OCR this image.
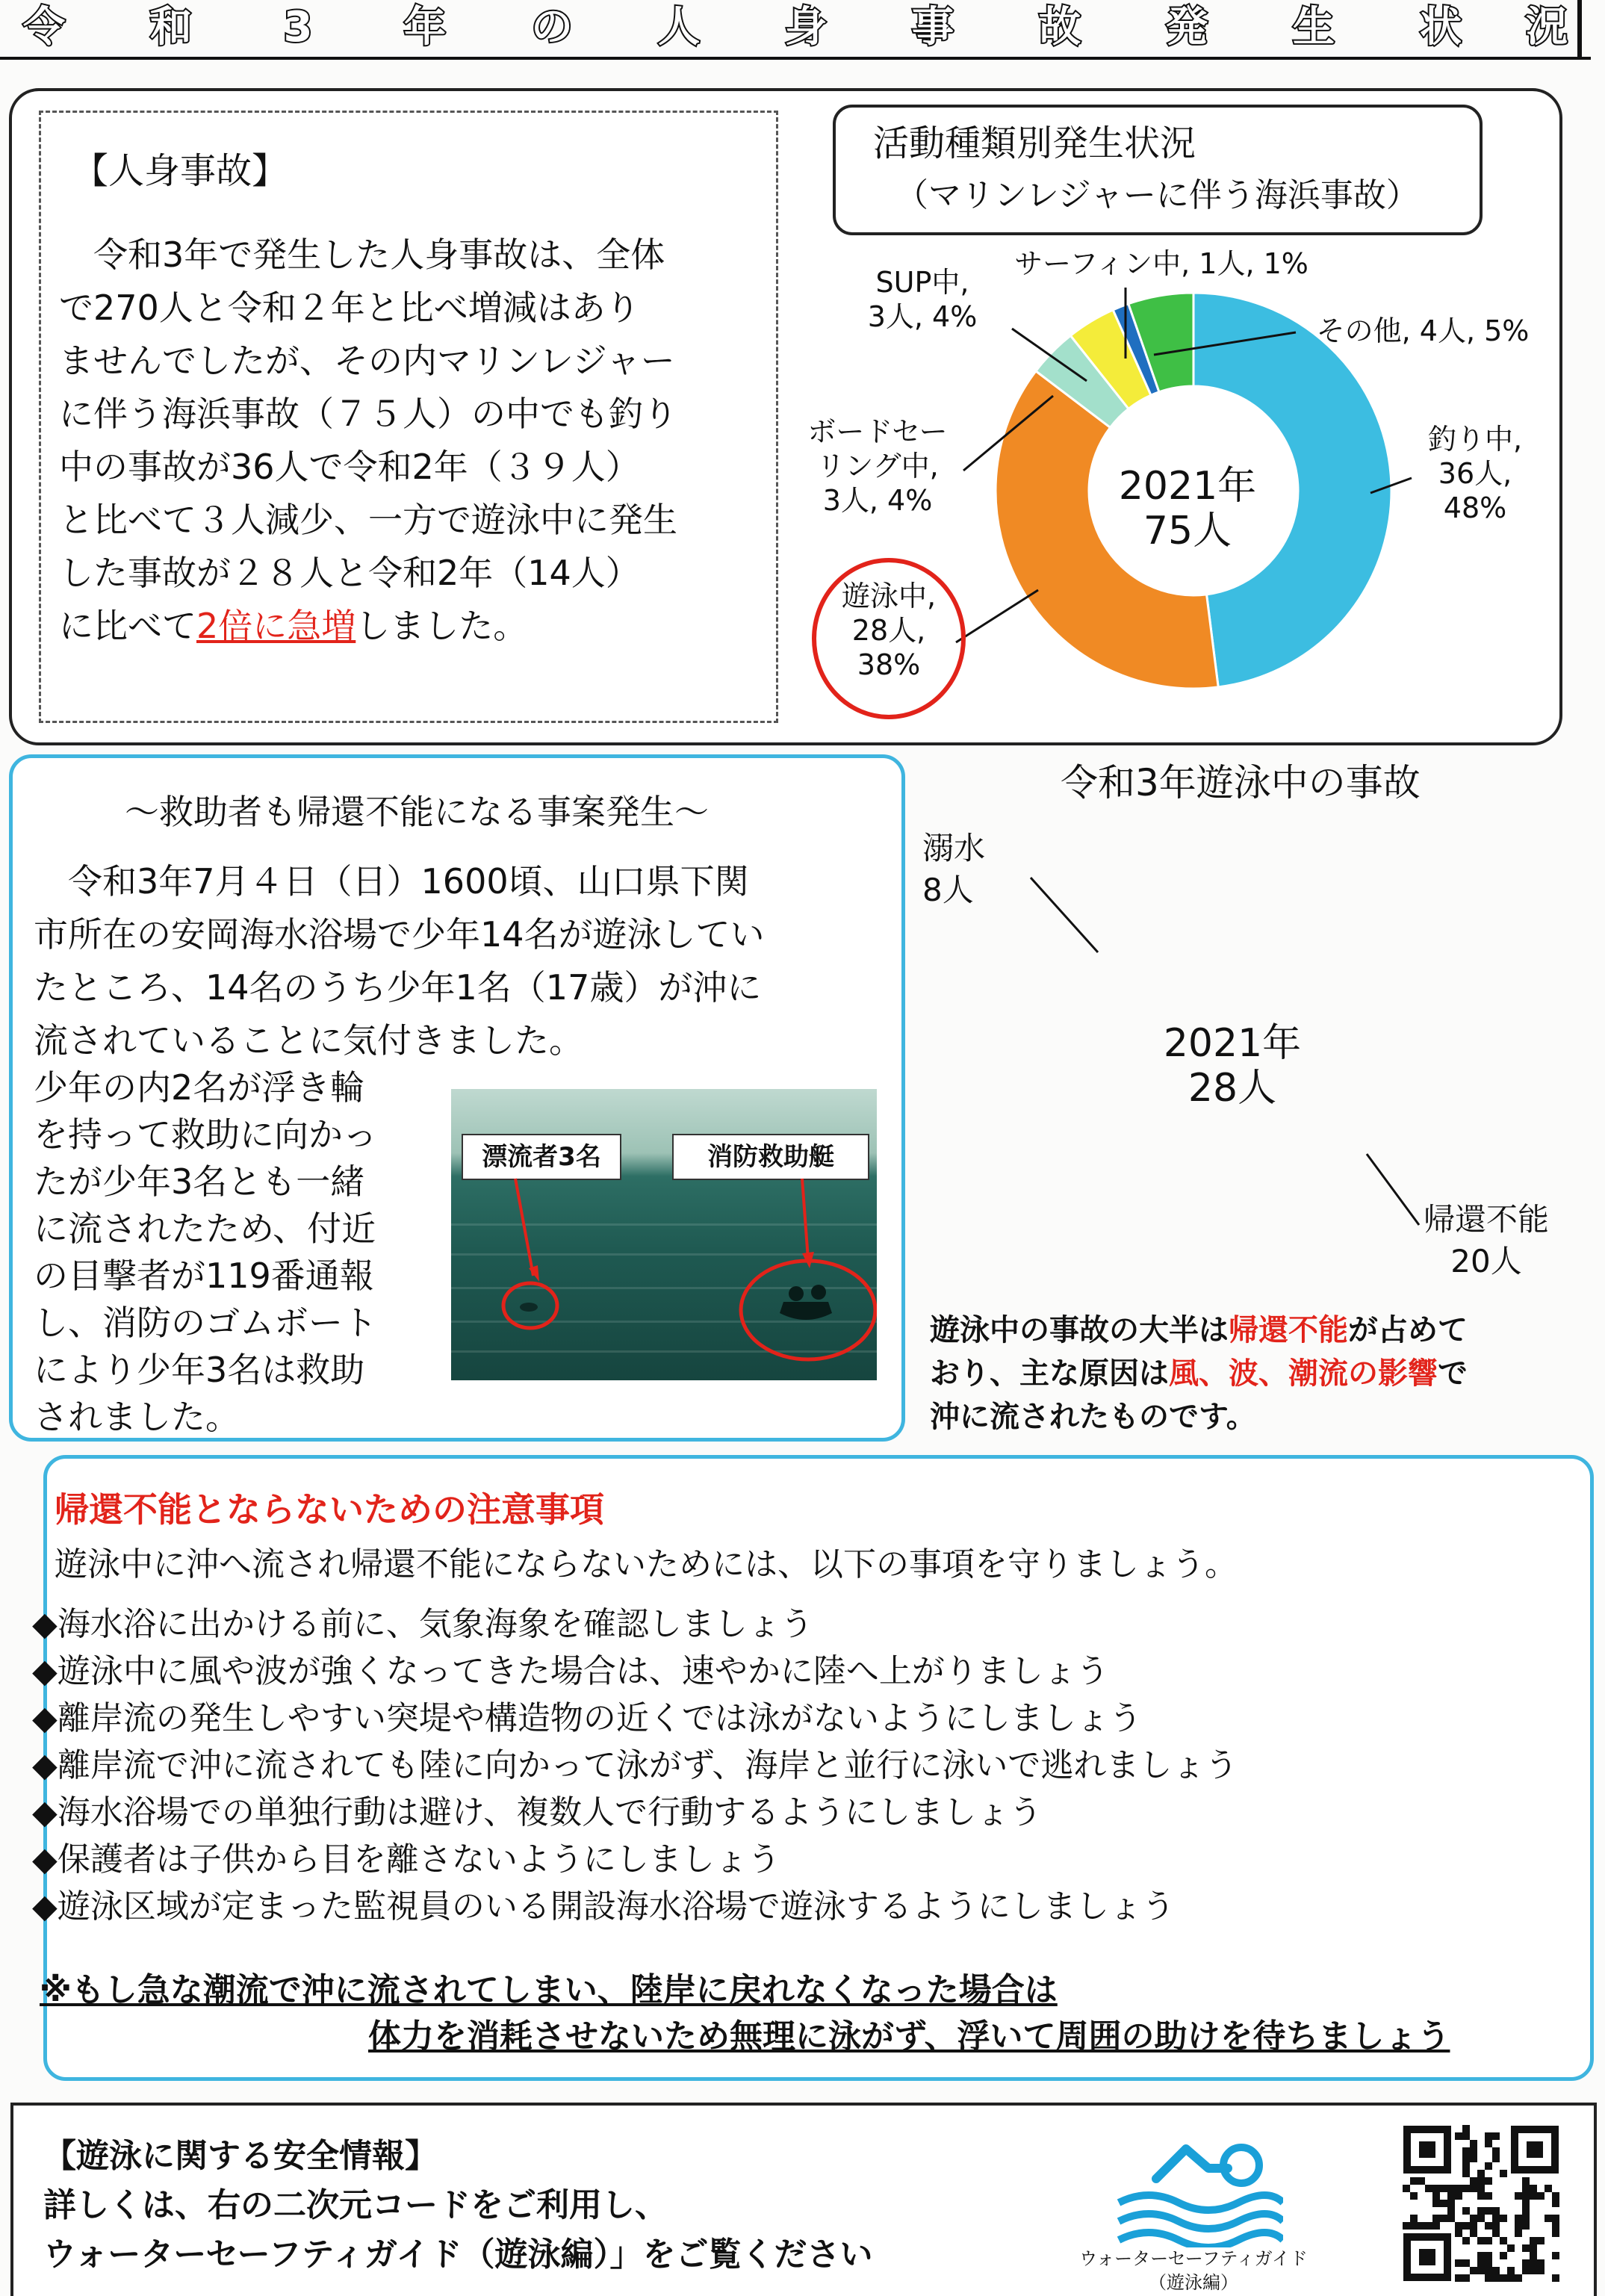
令 和 3 年 の 人 身 事 故 発 生 状 況
【人身事故】
　令和3年で発生した人身事故は、全体
で270人と令和２年と比べ増減はあり
ませんでしたが、その内マリンレジャー
に伴う海浜事故（７５人）の中でも釣り
中の事故が36人で令和2年（３９人）
と比べて３人減少、一方で遊泳中に発生
した事故が２８人と令和2年（14人）
に比べて2倍に急増しました。
活動種類別発生状況
（マリンレジャーに伴う海浜事故）
2021年
75人
釣り中,
36人,
48%
遊泳中,
28人,
38%
ボードセー
リング中,
3人, 4%
SUP中,
3人, 4%
サーフィン中, 1人, 1%
その他, 4人, 5%
～救助者も帰還不能になる事案発生～
　令和3年7月４日（日）1600頃、山口県下関
市所在の安岡海水浴場で少年14名が遊泳してい
たところ、14名のうち少年1名（17歳）が沖に
流されていることに気付きました。
少年の内2名が浮き輪
を持って救助に向かっ
たが少年3名とも一緒
に流されたため、付近
の目撃者が119番通報
し、消防のゴムボート
により少年3名は救助
されました。
漂流者3名	消防救助艇
令和3年遊泳中の事故
2021年
28人
溺水
8人
帰還不能
20人
遊泳中の事故の大半は帰還不能が占めて
おり、主な原因は風、波、潮流の影響で
沖に流されたものです。
帰還不能とならないための注意事項
遊泳中に沖へ流され帰還不能にならないためには、以下の事項を守りましょう。
◆海水浴に出かける前に、気象海象を確認しましょう
◆遊泳中に風や波が強くなってきた場合は、速やかに陸へ上がりましょう
◆離岸流の発生しやすい突堤や構造物の近くでは泳がないようにしましょう
◆離岸流で沖に流されても陸に向かって泳がず、海岸と並行に泳いで逃れましょう
◆海水浴場での単独行動は避け、複数人で行動するようにしましょう
◆保護者は子供から目を離さないようにしましょう
◆遊泳区域が定まった監視員のいる開設海水浴場で遊泳するようにしましょう
※もし急な潮流で沖に流されてしまい、陸岸に戻れなくなった場合は
体力を消耗させないため無理に泳がず、浮いて周囲の助けを待ちましょう
【遊泳に関する安全情報】
詳しくは、右の二次元コードをご利用し、
ウォーターセーフティガイド（遊泳編）」をご覧ください	ウォーターセーフティガイド
（遊泳編）
